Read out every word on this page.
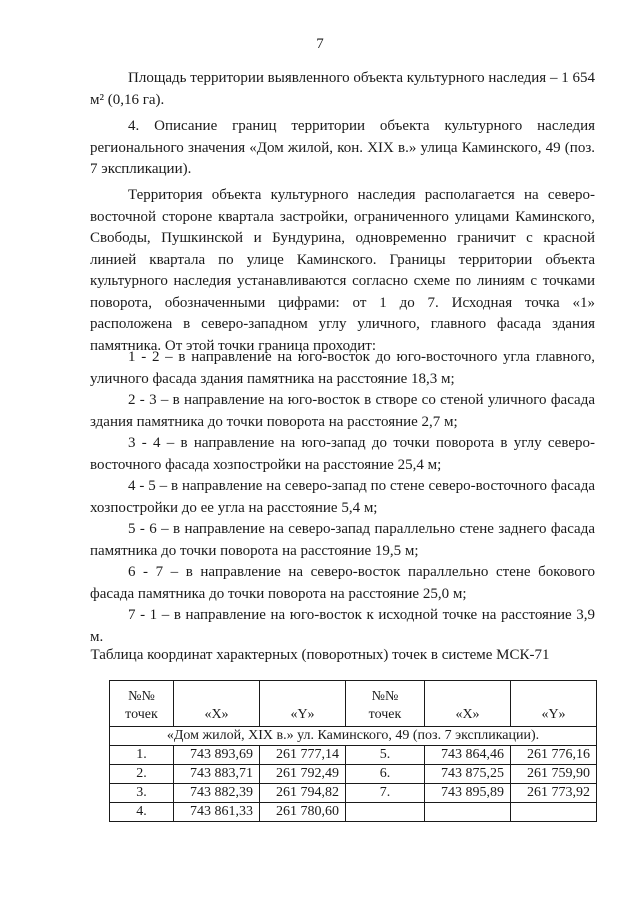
7

Площадь территории выявленного объекта культурного наследия – 1 654 м² (0,16 га).

4. Описание границ территории объекта культурного наследия регионального значения «Дом жилой, кон. XIX в.» улица Каминского, 49 (поз. 7 экспликации).

Территория объекта культурного наследия располагается на северо-восточной стороне квартала застройки, ограниченного улицами Каминского, Свободы, Пушкинской и Бундурина, одновременно граничит с красной линией квартала по улице Каминского. Границы территории объекта культурного наследия устанавливаются согласно схеме по линиям с точками поворота, обозначенными цифрами: от 1 до 7. Исходная точка «1» расположена в северо-западном углу уличного, главного фасада здания памятника. От этой точки граница проходит:

1 - 2 – в направление на юго-восток до юго-восточного угла главного, уличного фасада здания памятника на расстояние 18,3 м;

2 - 3 – в направление на юго-восток в створе со стеной уличного фасада здания памятника до точки поворота на расстояние 2,7 м;

3 - 4 – в направление на юго-запад до точки поворота в углу северо-восточного фасада хозпостройки на расстояние 25,4 м;

4 - 5 – в направление на северо-запад по стене северо-восточного фасада хозпостройки до ее угла на расстояние 5,4 м;

5 - 6 – в направление на северо-запад параллельно стене заднего фасада памятника до точки поворота на расстояние 19,5 м;

6 - 7 – в направление на северо-восток параллельно стене бокового фасада памятника до точки поворота на расстояние 25,0 м;

7 - 1 – в направление на юго-восток к исходной точке на расстояние 3,9 м.

Таблица координат характерных (поворотных) точек в системе МСК-71
№№
точек	«X»	«Y»	№№
точек	«X»	«Y»
«Дом жилой, XIX в.» ул. Каминского, 49 (поз. 7 экспликации).					
1.	743 893,69	261 777,14	5.	743 864,46	261 776,16
2.	743 883,71	261 792,49	6.	743 875,25	261 759,90
3.	743 882,39	261 794,82	7.	743 895,89	261 773,92
4.	743 861,33	261 780,60			
